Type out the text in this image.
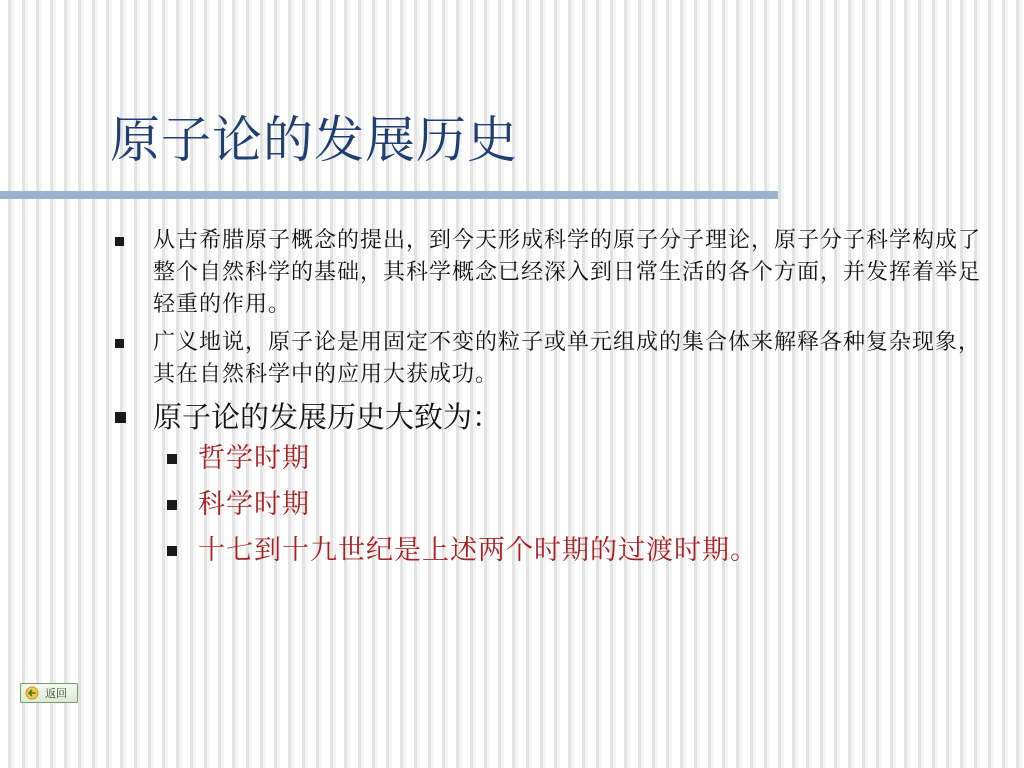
原子论的发展历史
从古希腊原子概念的提出，到今天形成科学的原子分子理论，原子分子科学构成了整个自然科学的基础，其科学概念已经深入到日常生活的各个方面，并发挥着举足轻重的作用。
广义地说，原子论是用固定不变的粒子或单元组成的集合体来解释各种复杂现象，其在自然科学中的应用大获成功。
原子论的发展历史大致为：
哲学时期
科学时期
十七到十九世纪是上述两个时期的过渡时期。
返回
